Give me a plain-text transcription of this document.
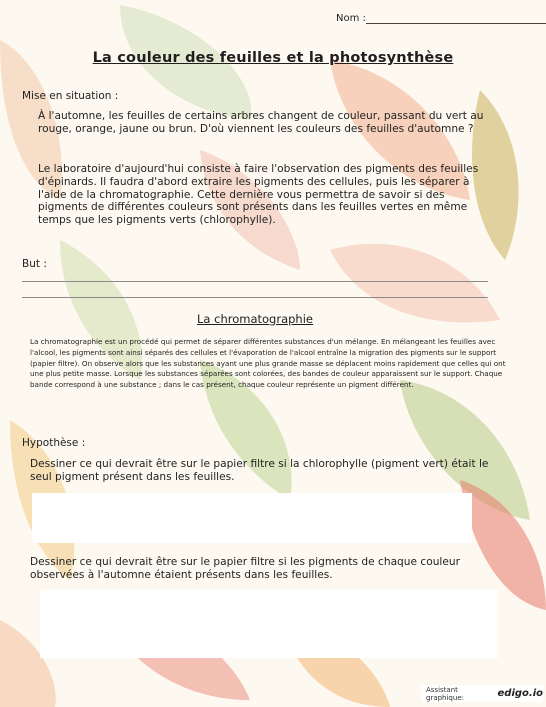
Nom :
La couleur des feuilles et la photosynthèse
Mise en situation :

À l'automne, les feuilles de certains arbres changent de couleur, passant du vert au rouge, orange, jaune ou brun. D'où viennent les couleurs des feuilles d'automne ?

Le laboratoire d'aujourd'hui consiste à faire l'observation des pigments des feuilles d'épinards. Il faudra d'abord extraire les pigments des cellules, puis les séparer à l'aide de la chromatographie. Cette dernière vous permettra de savoir si des pigments de différentes couleurs sont présents dans les feuilles vertes en même temps que les pigments verts (chlorophylle).

But :
La chromatographie

La chromatographie est un procédé qui permet de séparer différentes substances d'un mélange. En mélangeant les feuilles avec l'alcool, les pigments sont ainsi séparés des cellules et l'évaporation de l'alcool entraîne la migration des pigments sur le support (papier filtre). On observe alors que les substances ayant une plus grande masse se déplacent moins rapidement que celles qui ont une plus petite masse. Lorsque les substances séparées sont colorées, des bandes de couleur apparaissent sur le support. Chaque bande correspond à une substance ; dans le cas présent, chaque couleur représente un pigment différent.

Hypothèse :

Dessiner ce qui devrait être sur le papier filtre si la chlorophylle (pigment vert) était le seul pigment présent dans les feuilles.

Dessiner ce qui devrait être sur le papier filtre si les pigments de chaque couleur observées à l'automne étaient présents dans les feuilles.

Assistant graphique:	edigo.io
